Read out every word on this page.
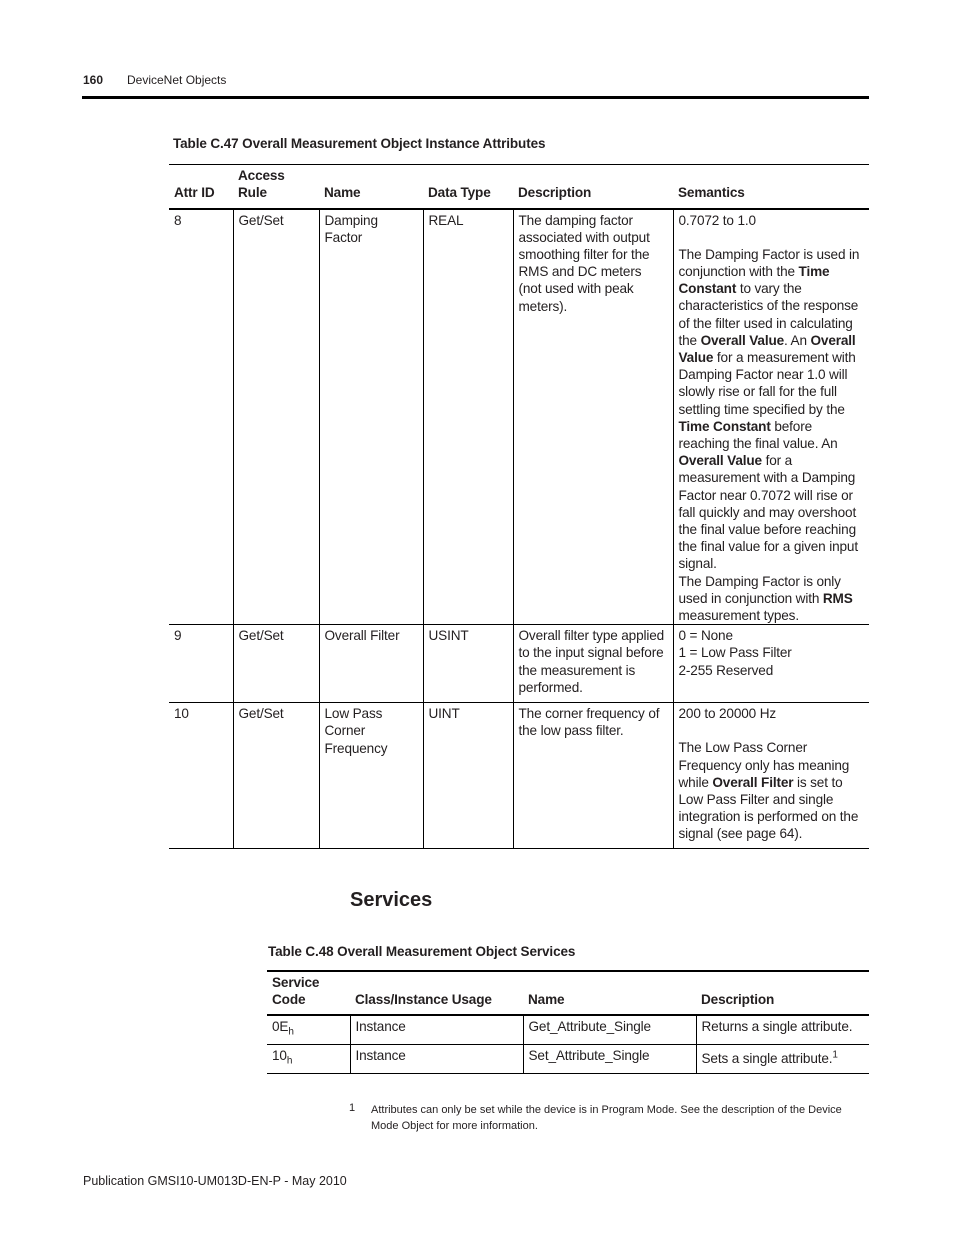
160 DeviceNet Objects
Table C.47 Overall Measurement Object Instance Attributes
Attr ID	Access Rule	Name	Data Type	Description	Semantics
8	Get/Set	Damping Factor	REAL	The damping factor associated with output smoothing filter for the RMS and DC meters (not used with peak meters).	0.7072 to 1.0
The Damping Factor is used in conjunction with the Time Constant to vary the characteristics of the response of the filter used in calculating the Overall Value. An Overall Value for a measurement with Damping Factor near 1.0 will slowly rise or fall for the full settling time specified by the Time Constant before reaching the final value. An Overall Value for a measurement with a Damping Factor near 0.7072 will rise or fall quickly and may overshoot the final value before reaching the final value for a given input signal.
The Damping Factor is only used in conjunction with RMS measurement types.

9	Get/Set	Overall Filter	USINT	Overall filter type applied to the input signal before the measurement is performed.	0 = None
1 = Low Pass Filter
2-255 Reserved

10	Get/Set	Low Pass Corner Frequency	UINT	The corner frequency of the low pass filter.	200 to 20000 Hz
The Low Pass Corner Frequency only has meaning while Overall Filter is set to Low Pass Filter and single integration is performed on the signal (see page 64).
Services
Table C.48 Overall Measurement Object Services
Service Code	Class/Instance Usage	Name	Description
$0E_h$	Instance	Get_Attribute_Single	Returns a single attribute.
$10_h$	Instance	Set_Attribute_Single	Sets a single attribute.$^1$
1 Attributes can only be set while the device is in Program Mode. See the description of the Device Mode Object for more information.
Publication GMSI10-UM013D-EN-P - May 2010
